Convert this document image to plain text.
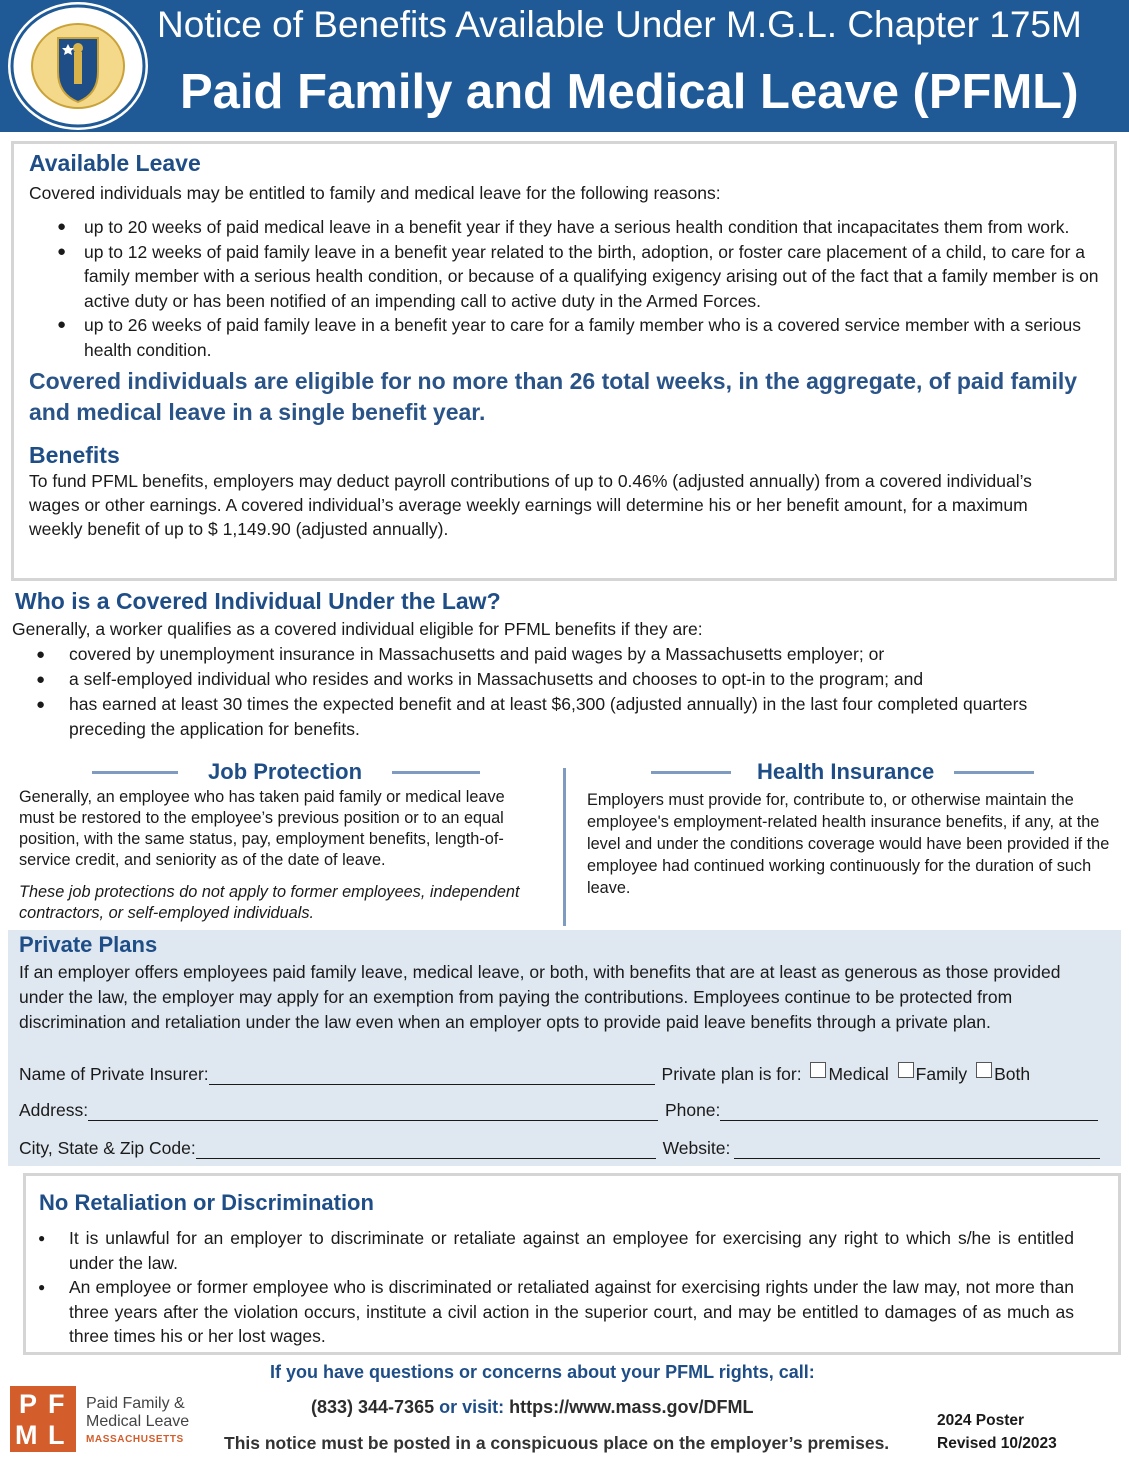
Notice of Benefits Available Under M.G.L. Chapter 175M
Paid Family and Medical Leave (PFML)
Available Leave

Covered individuals may be entitled to family and medical leave for the following reasons:

● up to 20 weeks of paid medical leave in a benefit year if they have a serious health condition that incapacitates them from work.
● up to 12 weeks of paid family leave in a benefit year related to the birth, adoption, or foster care placement of a child, to care for a family member with a serious health condition, or because of a qualifying exigency arising out of the fact that a family member is on active duty or has been notified of an impending call to active duty in the Armed Forces.
● up to 26 weeks of paid family leave in a benefit year to care for a family member who is a covered service member with a serious health condition.

Covered individuals are eligible for no more than 26 total weeks, in the aggregate, of paid family and medical leave in a single benefit year.

Benefits

To fund PFML benefits, employers may deduct payroll contributions of up to 0.46% (adjusted annually) from a covered individual’s wages or other earnings. A covered individual’s average weekly earnings will determine his or her benefit amount, for a maximum weekly benefit of up to $ 1,149.90 (adjusted annually).

Who is a Covered Individual Under the Law?

Generally, a worker qualifies as a covered individual eligible for PFML benefits if they are:

● covered by unemployment insurance in Massachusetts and paid wages by a Massachusetts employer; or
● a self-employed individual who resides and works in Massachusetts and chooses to opt-in to the program; and
● has earned at least 30 times the expected benefit and at least $6,300 (adjusted annually) in the last four completed quarters preceding the application for benefits.
Job Protection

Generally, an employee who has taken paid family or medical leave must be restored to the employee’s previous position or to an equal position, with the same status, pay, employment benefits, length-of-service credit, and seniority as of the date of leave.

These job protections do not apply to former employees, independent contractors, or self-employed individuals.

Health Insurance

Employers must provide for, contribute to, or otherwise maintain the employee's employment-related health insurance benefits, if any, at the level and under the conditions coverage would have been provided if the employee had continued working continuously for the duration of such leave.

Private Plans

If an employer offers employees paid family leave, medical leave, or both, with benefits that are at least as generous as those provided under the law, the employer may apply for an exemption from paying the contributions. Employees continue to be protected from discrimination and retaliation under the law even when an employer opts to provide paid leave benefits through a private plan.

Name of Private Insurer:	Private plan is for: Medical Family Both
Address:	Phone:
City, State & Zip Code:	Website:
No Retaliation or Discrimination
● It is unlawful for an employer to discriminate or retaliate against an employee for exercising any right to which s/he is entitled under the law.
● An employee or former employee who is discriminated or retaliated against for exercising rights under the law may, not more than three years after the violation occurs, institute a civil action in the superior court, and may be entitled to damages of as much as three times his or her lost wages.
If you have questions or concerns about your PFML rights, call:
(833) 344-7365 or visit: https://www.mass.gov/DFML
This notice must be posted in a conspicuous place on the employer’s premises.
2024 Poster
Revised 10/2023
P F
M L
Paid Family &
Medical Leave
MASSACHUSETTS
